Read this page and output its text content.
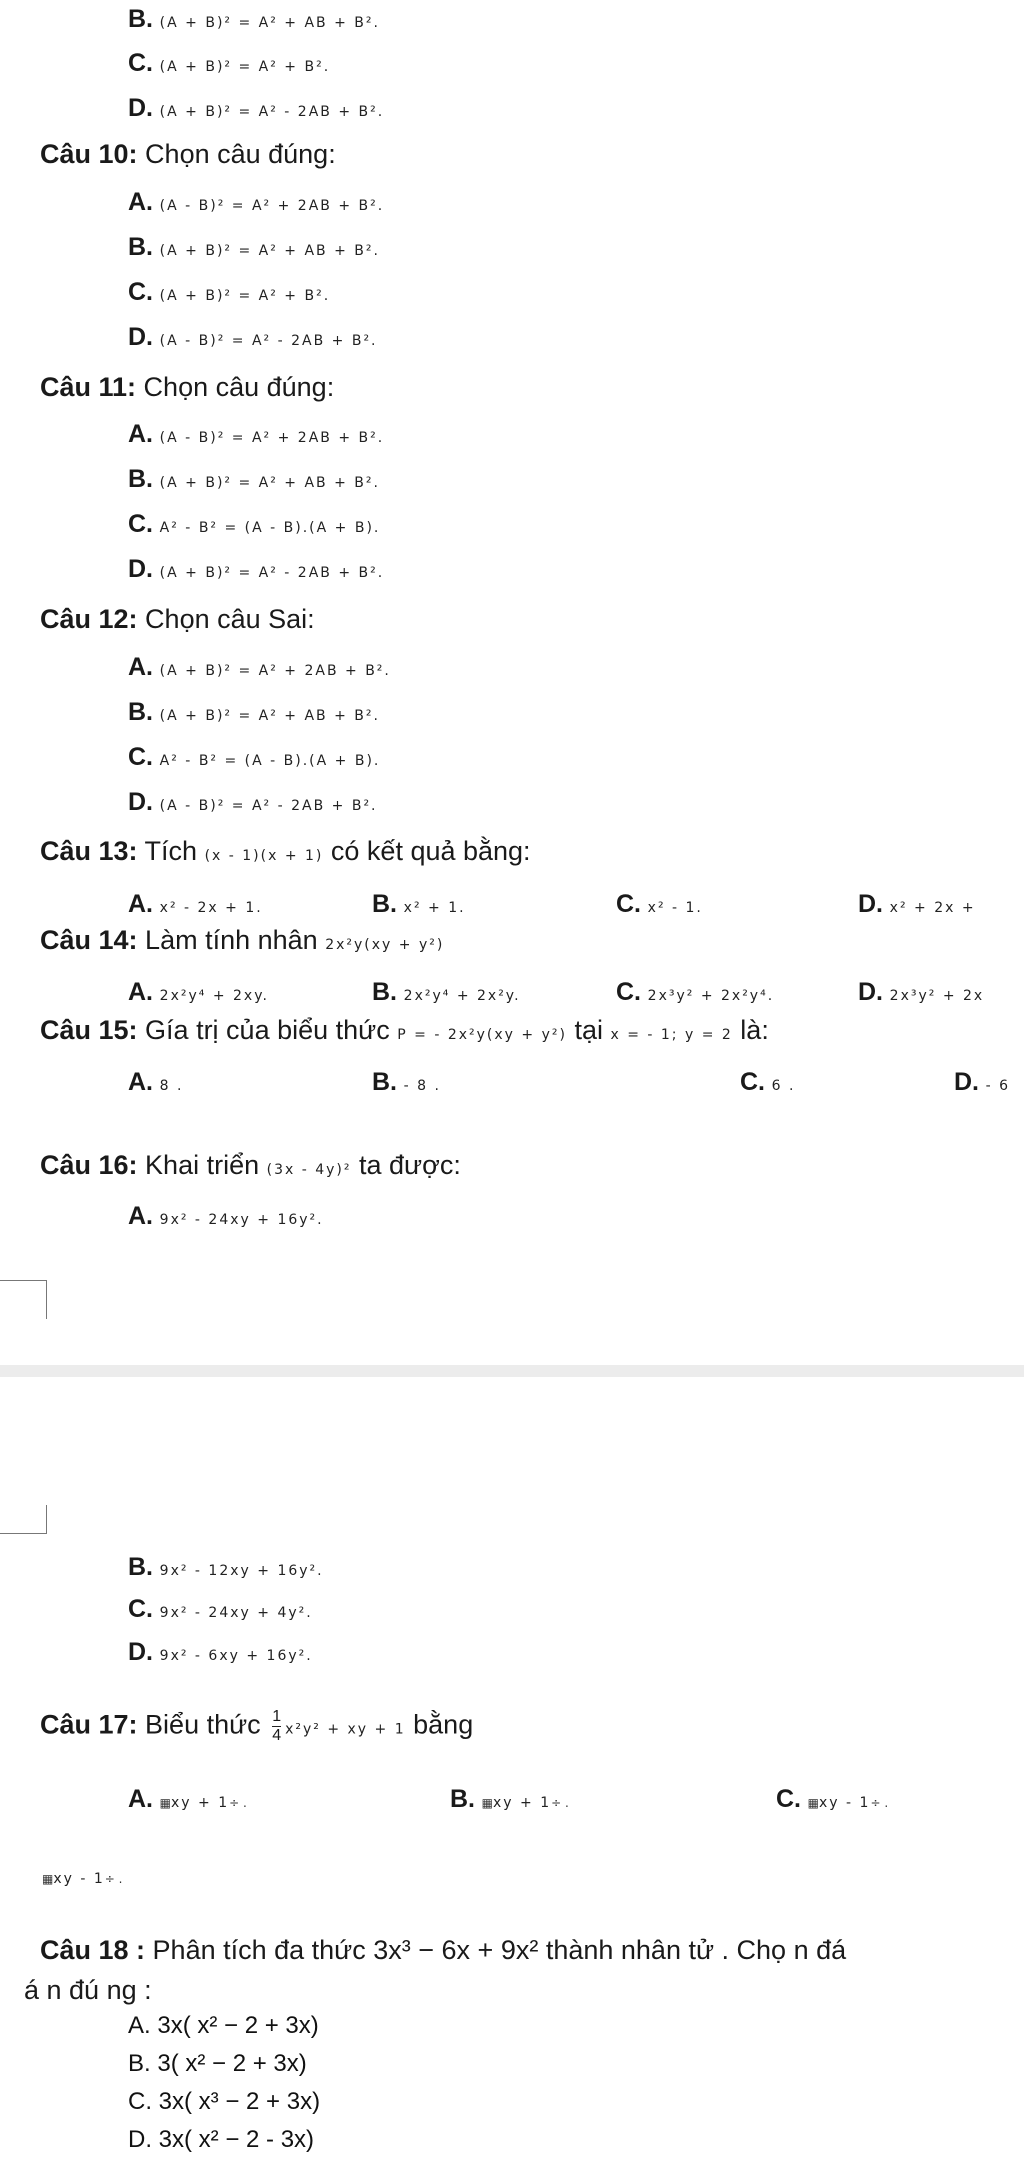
B. (A + B)² = A² + AB + B².
C. (A + B)² = A² + B².
D. (A + B)² = A² - 2AB + B².
Câu 10: Chọn câu đúng:
A. (A - B)² = A² + 2AB + B².
B. (A + B)² = A² + AB + B².
C. (A + B)² = A² + B².
D. (A - B)² = A² - 2AB + B².
Câu 11: Chọn câu đúng:
A. (A - B)² = A² + 2AB + B².
B. (A + B)² = A² + AB + B².
C. A² - B² = (A - B).(A + B).
D. (A + B)² = A² - 2AB + B².
Câu 12: Chọn câu Sai:
A. (A + B)² = A² + 2AB + B².
B. (A + B)² = A² + AB + B².
C. A² - B² = (A - B).(A + B).
D. (A - B)² = A² - 2AB + B².
Câu 13: Tích (x - 1)(x + 1) có kết quả bằng:
A. x² - 2x + 1.	B. x² + 1.	C. x² - 1.	D. x² + 2x +
Câu 14: Làm tính nhân 2x²y(xy + y²)
A. 2x²y⁴ + 2xy.	B. 2x²y⁴ + 2x²y.	C. 2x³y² + 2x²y⁴.	D. 2x³y² + 2x
Câu 15: Gía trị của biểu thức P = - 2x²y(xy + y²) tại x = - 1; y = 2 là:
A. 8 .	B. - 8 .	C. 6 .	D. - 6
Câu 16: Khai triển (3x - 4y)² ta được:
A. 9x² - 24xy + 16y².
B. 9x² - 12xy + 16y².
C. 9x² - 24xy + 4y².
D. 9x² - 6xy + 16y².
Câu 17: Biểu thức $\frac{1}{4} x^2y^2$ + xy + 1 bằng
A. ▦xy + 1÷ .	B. ▦xy + 1÷ .	C. ▦xy - 1÷ .
▦xy - 1÷ .
Câu 18 : Phân tích đa thức 3x³ − 6x + 9x² thành nhân tử . Chọ n đá
á n đú ng :
A. 3x( x² − 2 + 3x)
B. 3( x² − 2 + 3x)
C. 3x( x³ − 2 + 3x)
D. 3x( x² − 2 - 3x)
